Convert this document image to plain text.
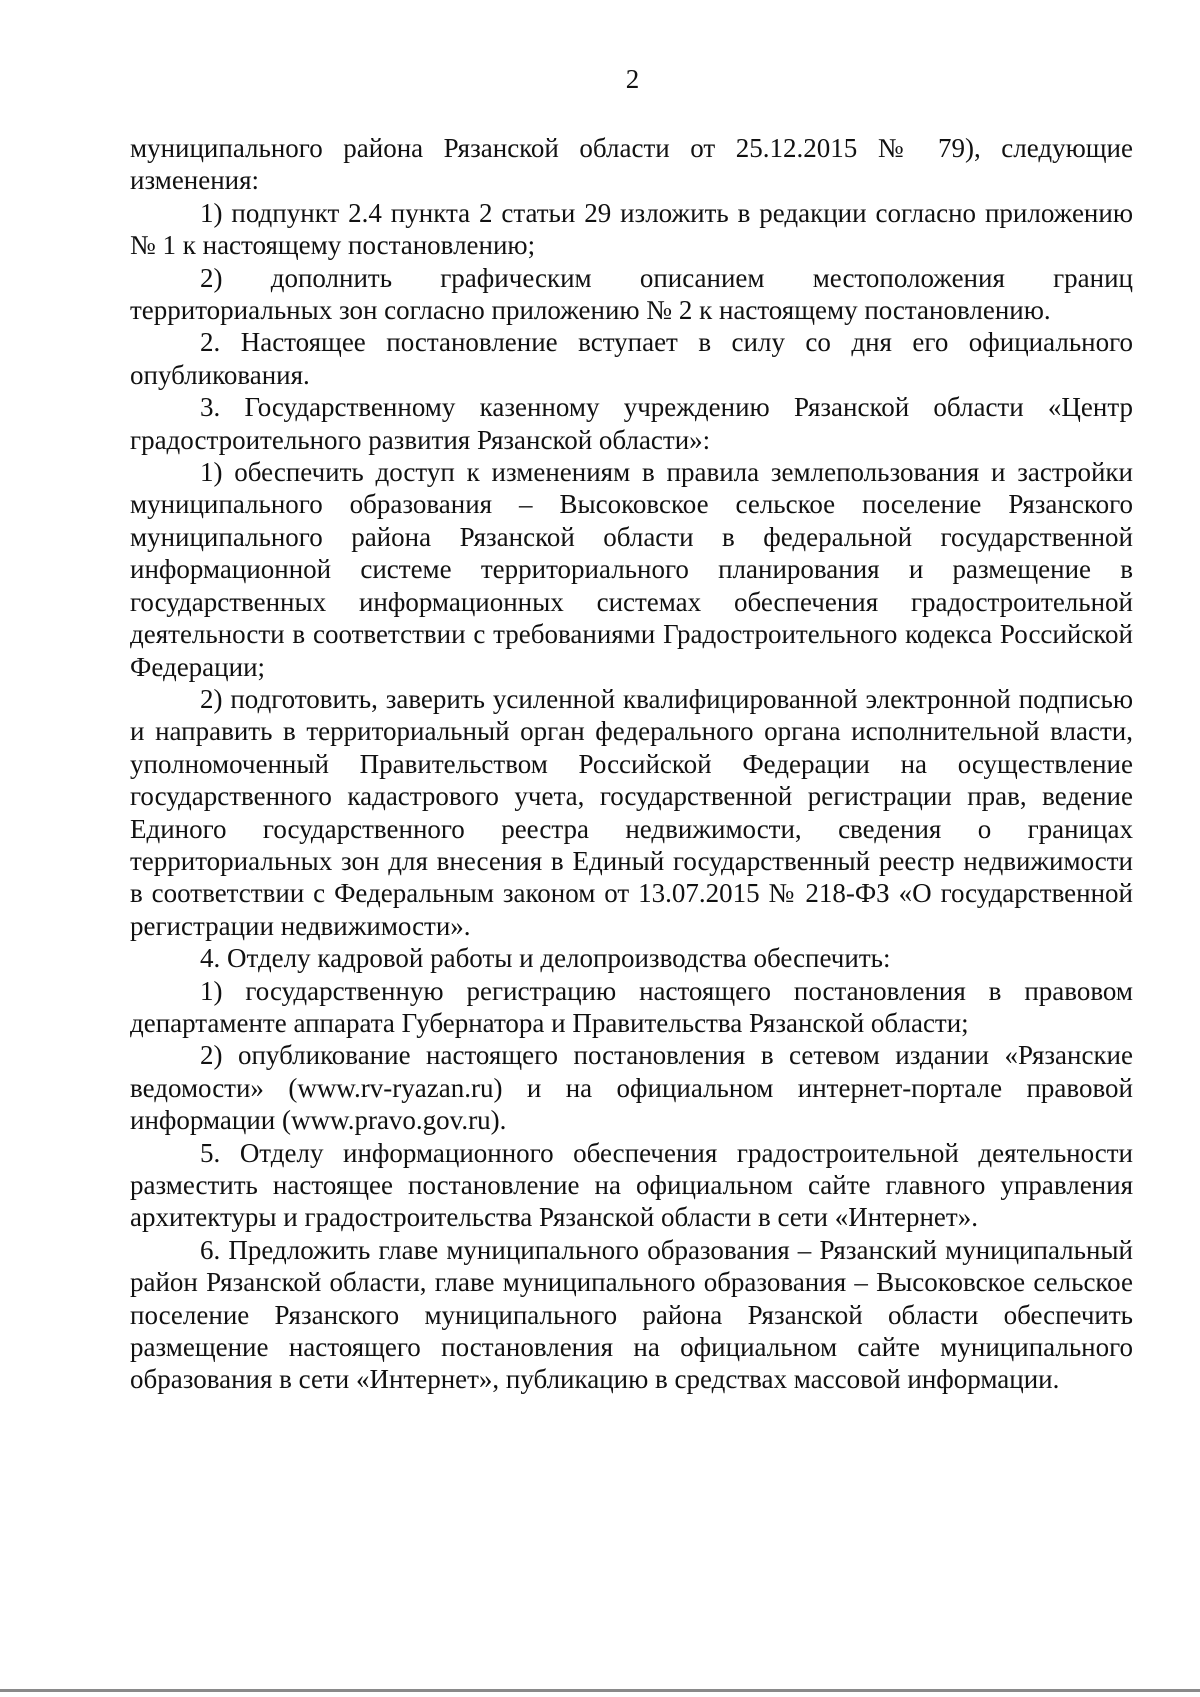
2

муниципального района Рязанской области от 25.12.2015 № 79), следующие изменения:

1) подпункт 2.4 пункта 2 статьи 29 изложить в редакции согласно приложению № 1 к настоящему постановлению;

2) дополнить графическим описанием местоположения границ территориальных зон согласно приложению № 2 к настоящему постановлению.

2. Настоящее постановление вступает в силу со дня его официального опубликования.

3. Государственному казенному учреждению Рязанской области «Центр градостроительного развития Рязанской области»:

1) обеспечить доступ к изменениям в правила землепользования и застройки муниципального образования – Высоковское сельское поселение Рязанского муниципального района Рязанской области в федеральной государственной информационной системе территориального планирования и размещение в государственных информационных системах обеспечения градостроительной деятельности в соответствии с требованиями Градостроительного кодекса Российской Федерации;

2) подготовить, заверить усиленной квалифицированной электронной подписью и направить в территориальный орган федерального органа исполнительной власти, уполномоченный Правительством Российской Федерации на осуществление государственного кадастрового учета, государственной регистрации прав, ведение Единого государственного реестра недвижимости, сведения о границах территориальных зон для внесения в Единый государственный реестр недвижимости в соответствии с Федеральным законом от 13.07.2015 № 218-ФЗ «О государственной регистрации недвижимости».

4. Отделу кадровой работы и делопроизводства обеспечить:

1) государственную регистрацию настоящего постановления в правовом департаменте аппарата Губернатора и Правительства Рязанской области;

2) опубликование настоящего постановления в сетевом издании «Рязанские ведомости» (www.rv-ryazan.ru) и на официальном интернет-портале правовой информации (www.pravo.gov.ru).

5. Отделу информационного обеспечения градостроительной деятельности разместить настоящее постановление на официальном сайте главного управления архитектуры и градостроительства Рязанской области в сети «Интернет».

6. Предложить главе муниципального образования – Рязанский муниципальный район Рязанской области, главе муниципального образования – Высоковское сельское поселение Рязанского муниципального района Рязанской области обеспечить размещение настоящего постановления на официальном сайте муниципального образования в сети «Интернет», публикацию в средствах массовой информации.
